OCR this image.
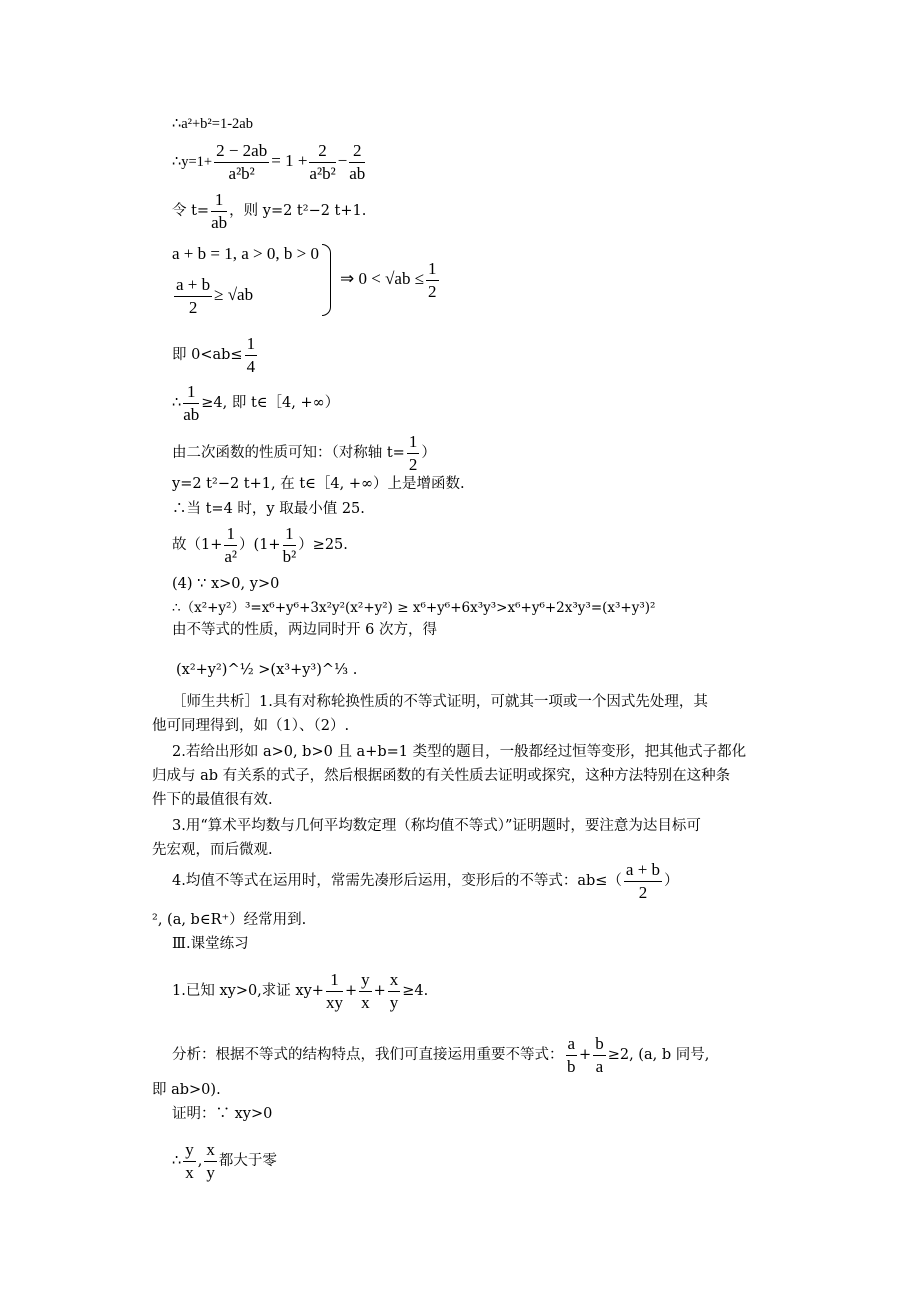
∴a²+b²=1-2ab
∴y=1+ $\frac{2 - 2ab}{\text{a²b²}} = 1 + \frac{2}{\text{a²b²}} - \frac{2}{ab}$
令 $t= \frac{1}{ab}$ ，则 y=2 t²−2 t+1.
a + b = 1, a > 0, b > 0
$\frac{a + b}{2} \ge √ab$
⇒ $0 < √ab \le \frac{1}{2}$
即 $0<ab\le \frac{1}{4}$
∴ $\frac{1}{ab} \ge 4$, 即 t∈［4, +∞）
由二次函数的性质可知：（对称轴 $t= \frac{1}{2}$ ）
y=2 t²−2 t+1, 在 t∈［4, +∞）上是增函数.
∴当 t=4 时，y 取最小值 25.
故$(1+ \frac{1}{\text{a²}} )(1+ \frac{1}{\text{b²}} )\ge 25$.
(4) ∵ x>0, y>0
∴（x²+y²）³=x⁶+y⁶+3x²y²(x²+y²) ≥ x⁶+y⁶+6x³y³>x⁶+y⁶+2x³y³=(x³+y³)²
由不等式的性质，两边同时开 6 次方，得
(x²+y²)^½ >(x³+y³)^⅓ .
［师生共析］1.具有对称轮换性质的不等式证明，可就其一项或一个因式先处理，其
他可同理得到，如（1）、（2）.
2.若给出形如 a>0, b>0 且 a+b=1 类型的题目，一般都经过恒等变形，把其他式子都化
归成与 ab 有关系的式子，然后根据函数的有关性质去证明或探究，这种方法特别在这种条
件下的最值很有效.
3.用“算术平均数与几何平均数定理（称均值不等式）”证明题时，要注意为达目标可
先宏观，而后微观.
4.均值不等式在运用时，常需先凑形后运用，变形后的不等式：$ab\le( \frac{a + b}{2}$ ）
², (a, b∈R⁺）经常用到.
Ⅲ.课堂练习
1.已知 xy>0,求证 $xy+ \frac{1}{xy} + \frac{y}{x} + \frac{x}{y} \ge 4$.
分析：根据不等式的结构特点，我们可直接运用重要不等式： $\frac{a}{b} + \frac{b}{a} \ge 2$, (a, b 同号,
即 ab>0).
证明：∵ xy>0
∴ $\frac{y}{x}$ , $\frac{x}{y}$ 都大于零
